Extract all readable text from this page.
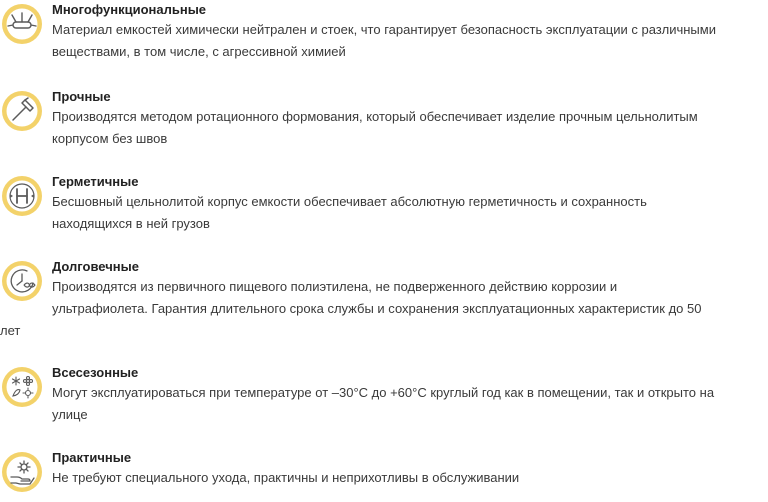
Многофункциональные
Материал емкостей химически нейтрален и стоек, что гарантирует безопасность эксплуатации с различными
веществами, в том числе, с агрессивной химией
Прочные
Производятся методом ротационного формования, который обеспечивает изделие прочным цельнолитым
корпусом без швов
Герметичные
Бесшовный цельнолитой корпус емкости обеспечивает абсолютную герметичность и сохранность
находящихся в ней грузов
Долговечные
Производятся из первичного пищевого полиэтилена, не подверженного действию коррозии и
ультрафиолета. Гарантия длительного срока службы и сохранения эксплуатационных характеристик до 50
лет
Всесезонные
Могут эксплуатироваться при температуре от –30°С до +60°С круглый год как в помещении, так и открыто на
улице
Практичные
Не требуют специального ухода, практичны и неприхотливы в обслуживании
